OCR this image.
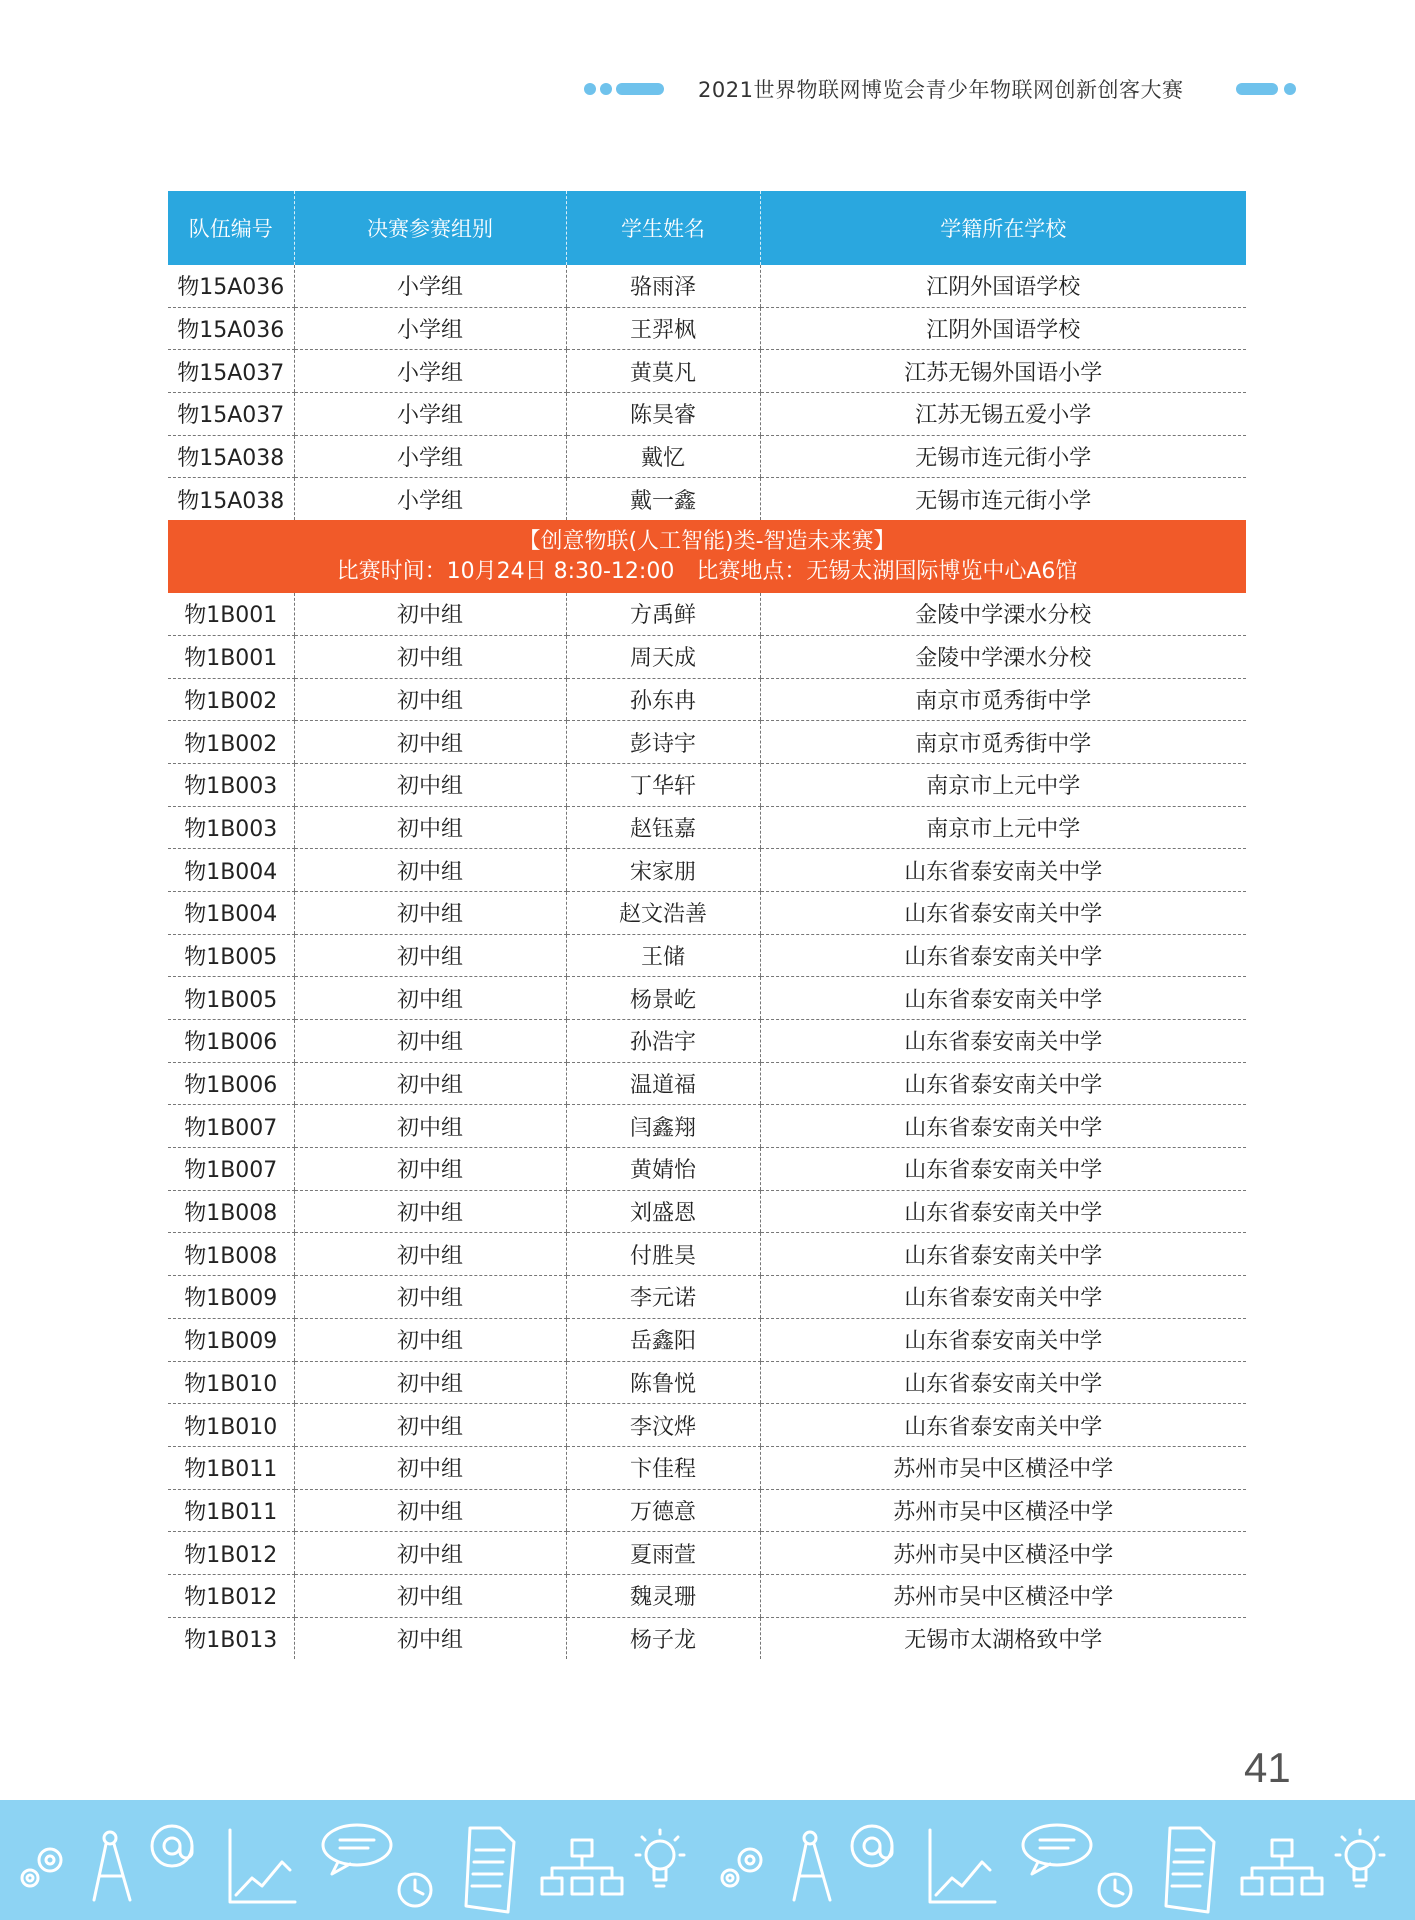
2021世界物联网博览会青少年物联网创新创客大赛
队伍编号	决赛参赛组别	学生姓名	学籍所在学校
物15A036	小学组	骆雨泽	江阴外国语学校
物15A036	小学组	王羿枫	江阴外国语学校
物15A037	小学组	黄莫凡	江苏无锡外国语小学
物15A037	小学组	陈昊睿	江苏无锡五爱小学
物15A038	小学组	戴忆	无锡市连元街小学
物15A038	小学组	戴一鑫	无锡市连元街小学

【创意物联(人工智能)类-智造未来赛】
比赛时间：10月24日 8:30-12:00　比赛地点：无锡太湖国际博览中心A6馆			

物1B001	初中组	方禹鲜	金陵中学溧水分校
物1B001	初中组	周天成	金陵中学溧水分校
物1B002	初中组	孙东冉	南京市觅秀街中学
物1B002	初中组	彭诗宇	南京市觅秀街中学
物1B003	初中组	丁华轩	南京市上元中学
物1B003	初中组	赵钰嘉	南京市上元中学
物1B004	初中组	宋家朋	山东省泰安南关中学
物1B004	初中组	赵文浩善	山东省泰安南关中学
物1B005	初中组	王储	山东省泰安南关中学
物1B005	初中组	杨景屹	山东省泰安南关中学
物1B006	初中组	孙浩宇	山东省泰安南关中学
物1B006	初中组	温道福	山东省泰安南关中学
物1B007	初中组	闫鑫翔	山东省泰安南关中学
物1B007	初中组	黄婧怡	山东省泰安南关中学
物1B008	初中组	刘盛恩	山东省泰安南关中学
物1B008	初中组	付胜昊	山东省泰安南关中学
物1B009	初中组	李元诺	山东省泰安南关中学
物1B009	初中组	岳鑫阳	山东省泰安南关中学
物1B010	初中组	陈鲁悦	山东省泰安南关中学
物1B010	初中组	李汶烨	山东省泰安南关中学
物1B011	初中组	卞佳程	苏州市吴中区横泾中学
物1B011	初中组	万德意	苏州市吴中区横泾中学
物1B012	初中组	夏雨萱	苏州市吴中区横泾中学
物1B012	初中组	魏灵珊	苏州市吴中区横泾中学
物1B013	初中组	杨子龙	无锡市太湖格致中学
41
